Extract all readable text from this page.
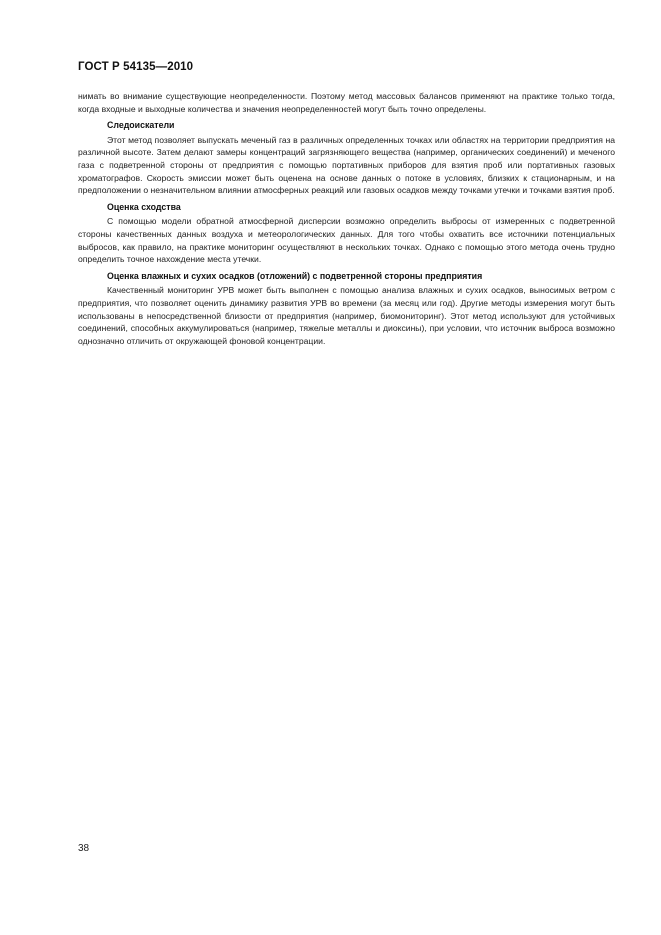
ГОСТ Р 54135—2010

нимать во внимание существующие неопределенности. Поэтому метод массовых балансов применяют на практике только тогда, когда входные и выходные количества и значения неопределенностей могут быть точно определены.

Следоискатели

Этот метод позволяет выпускать меченый газ в различных определенных точках или областях на территории предприятия на различной высоте. Затем делают замеры концентраций загрязняющего вещества (например, органических соединений) и меченого газа с подветренной стороны от предприятия с помощью портативных приборов для взятия проб или портативных газовых хроматографов. Скорость эмиссии может быть оценена на основе данных о потоке в условиях, близких к стационарным, и на предположении о незначительном влиянии атмосферных реакций или газовых осадков между точками утечки и точками взятия проб.

Оценка сходства

С помощью модели обратной атмосферной дисперсии возможно определить выбросы от измеренных с подветренной стороны качественных данных воздуха и метеорологических данных. Для того чтобы охватить все источники потенциальных выбросов, как правило, на практике мониторинг осуществляют в нескольких точках. Однако с помощью этого метода очень трудно определить точное нахождение места утечки.

Оценка влажных и сухих осадков (отложений) с подветренной стороны предприятия

Качественный мониторинг УРВ может быть выполнен с помощью анализа влажных и сухих осадков, выносимых ветром с предприятия, что позволяет оценить динамику развития УРВ во времени (за месяц или год). Другие методы измерения могут быть использованы в непосредственной близости от предприятия (например, биомониторинг). Этот метод используют для устойчивых соединений, способных аккумулироваться (например, тяжелые металлы и диоксины), при условии, что источник выброса возможно однозначно отличить от окружающей фоновой концентрации.

38
